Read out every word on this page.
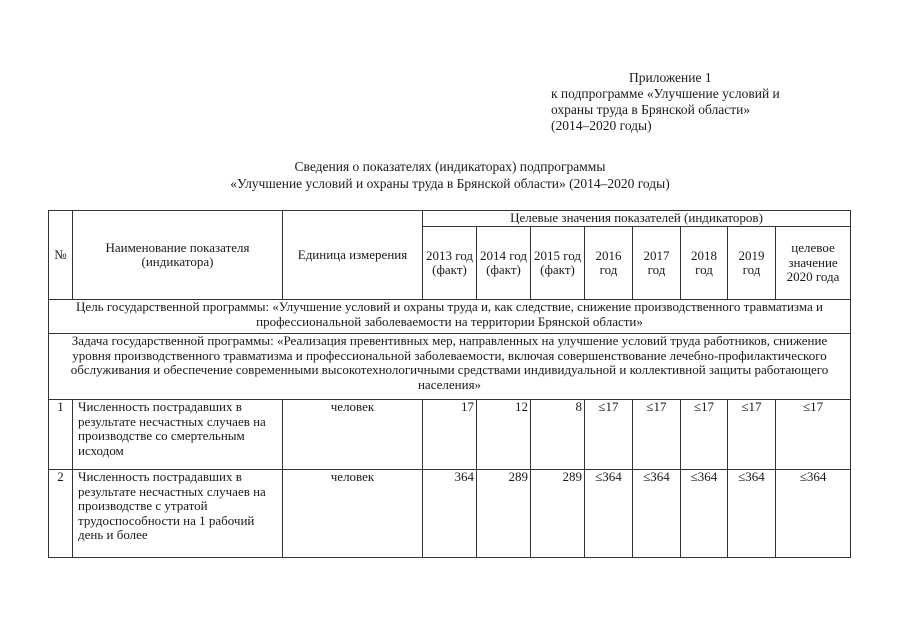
Приложение 1
к подпрограмме «Улучшение условий и
охраны труда в Брянской области»
(2014–2020 годы)
Сведения о показателях (индикаторах) подпрограммы
«Улучшение условий и охраны труда в Брянской области» (2014–2020 годы)
№	Наименование показателя (индикатора)	Единица измерения	Целевые значения показателей (индикаторов)							
			2013 год (факт)	2014 год (факт)	2015 год (факт)	2016 год	2017 год	2018 год	2019 год	целевое значение 2020 года
Цель государственной программы: «Улучшение условий и охраны труда и, как следствие, снижение производственного травматизма и профессиональной заболеваемости на территории Брянской области»										
Задача государственной программы: «Реализация превентивных мер, направленных на улучшение условий труда работников, снижение уровня производственного травматизма и профессиональной заболеваемости, включая совершенствование лечебно-профилактического обслуживания и обеспечение современными высокотехнологичными средствами индивидуальной и коллективной защиты работающего населения»										
1	Численность пострадавших в результате несчастных случаев на производстве со смертельным исходом	человек	17	12	8	≤17	≤17	≤17	≤17	≤17
2	Численность пострадавших в результате несчастных случаев на производстве с утратой трудоспособности на 1 рабочий день и более	человек	364	289	289	≤364	≤364	≤364	≤364	≤364
